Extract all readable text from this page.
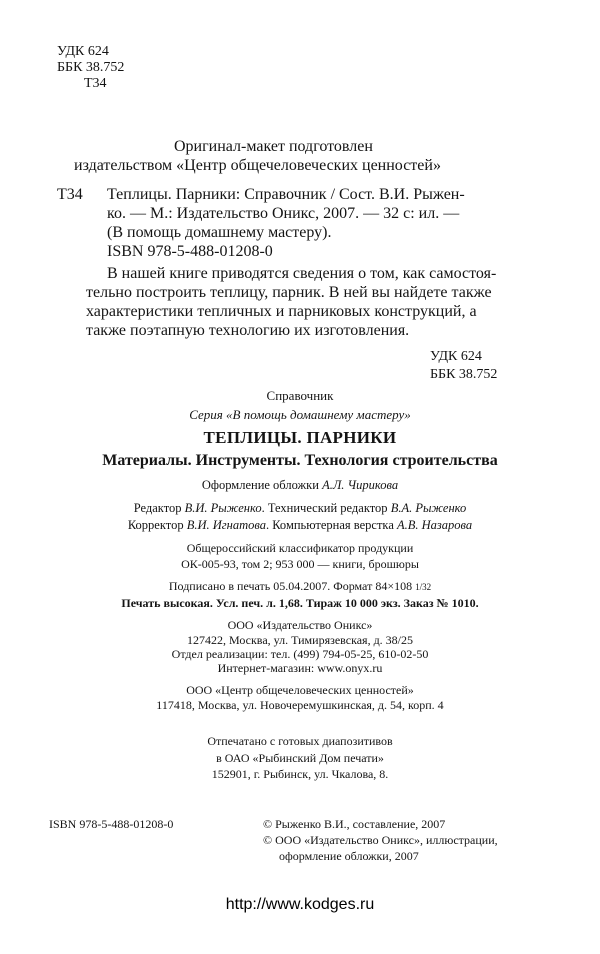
УДК 624
ББК 38.752
Т34
Оригинал-макет подготовлен
издательством «Центр общечеловеческих ценностей»
Т34 Теплицы. Парники: Справочник / Сост. В.И. Рыжен-
ко. — М.: Издательство Оникс, 2007. — 32 с: ил. —
(В помощь домашнему мастеру).
ISBN 978-5-488-01208-0
В нашей книге приводятся сведения о том, как самостоя-
тельно построить теплицу, парник. В ней вы найдете также
характеристики тепличных и парниковых конструкций, а
также поэтапную технологию их изготовления.
УДК 624
ББК 38.752
Справочник
Серия «В помощь домашнему мастеру»
ТЕПЛИЦЫ. ПАРНИКИ
Материалы. Инструменты. Технология строительства
Оформление обложки А.Л. Чирикова
Редактор В.И. Рыженко. Технический редактор В.А. Рыженко
Корректор В.И. Игнатова. Компьютерная верстка А.В. Назарова
Общероссийский классификатор продукции
ОК-005-93, том 2; 953 000 — книги, брошюры
Подписано в печать 05.04.2007. Формат 84×108 1/32
Печать высокая. Усл. печ. л. 1,68. Тираж 10 000 экз. Заказ № 1010.
ООО «Издательство Оникс»
127422, Москва, ул. Тимирязевская, д. 38/25
Отдел реализации: тел. (499) 794-05-25, 610-02-50
Интернет-магазин: www.onyx.ru
ООО «Центр общечеловеческих ценностей»
117418, Москва, ул. Новочеремушкинская, д. 54, корп. 4
Отпечатано с готовых диапозитивов
в ОАО «Рыбинский Дом печати»
152901, г. Рыбинск, ул. Чкалова, 8.
ISBN 978-5-488-01208-0	© Рыженко В.И., составление, 2007
© ООО «Издательство Оникс», иллюстрации,
оформление обложки, 2007
http://www.kodges.ru
